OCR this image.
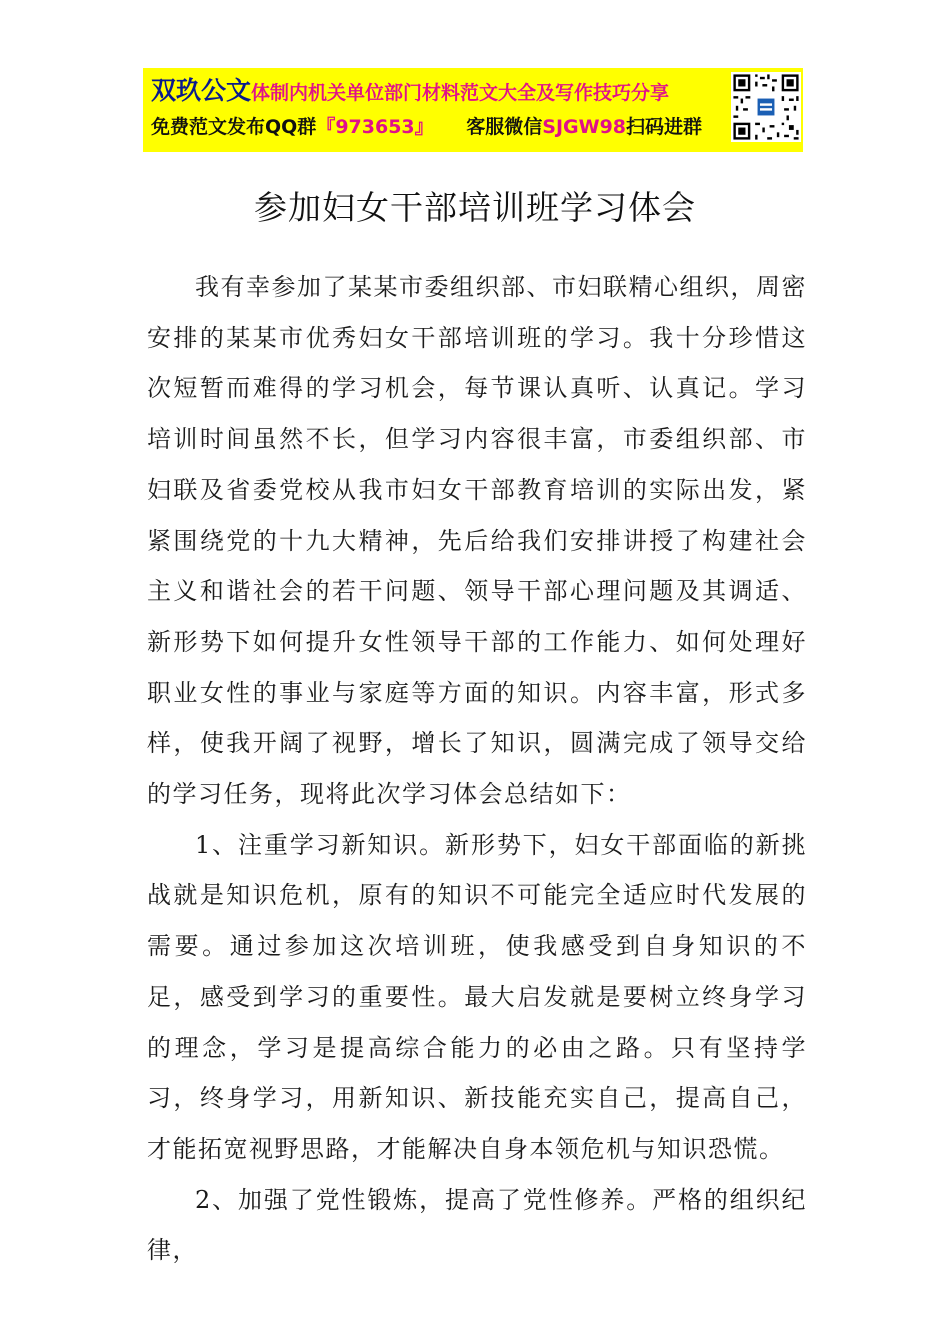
双玖公文体制内机关单位部门材料范文大全及写作技巧分享
免费范文发布QQ群『973653』 客服微信SJGW98扫码进群
参加妇女干部培训班学习体会

我有幸参加了某某市委组织部、市妇联精心组织，周密安排的某某市优秀妇女干部培训班的学习。我十分珍惜这次短暂而难得的学习机会，每节课认真听、认真记。学习培训时间虽然不长，但学习内容很丰富，市委组织部、市妇联及省委党校从我市妇女干部教育培训的实际出发，紧紧围绕党的十九大精神，先后给我们安排讲授了构建社会主义和谐社会的若干问题、领导干部心理问题及其调适、新形势下如何提升女性领导干部的工作能力、如何处理好职业女性的事业与家庭等方面的知识。内容丰富，形式多样，使我开阔了视野，增长了知识，圆满完成了领导交给的学习任务，现将此次学习体会总结如下：

1、注重学习新知识。新形势下，妇女干部面临的新挑战就是知识危机，原有的知识不可能完全适应时代发展的需要。通过参加这次培训班，使我感受到自身知识的不足，感受到学习的重要性。最大启发就是要树立终身学习的理念，学习是提高综合能力的必由之路。只有坚持学习，终身学习，用新知识、新技能充实自己，提高自己，才能拓宽视野思路，才能解决自身本领危机与知识恐慌。

2、加强了党性锻炼，提高了党性修养。严格的组织纪律，
